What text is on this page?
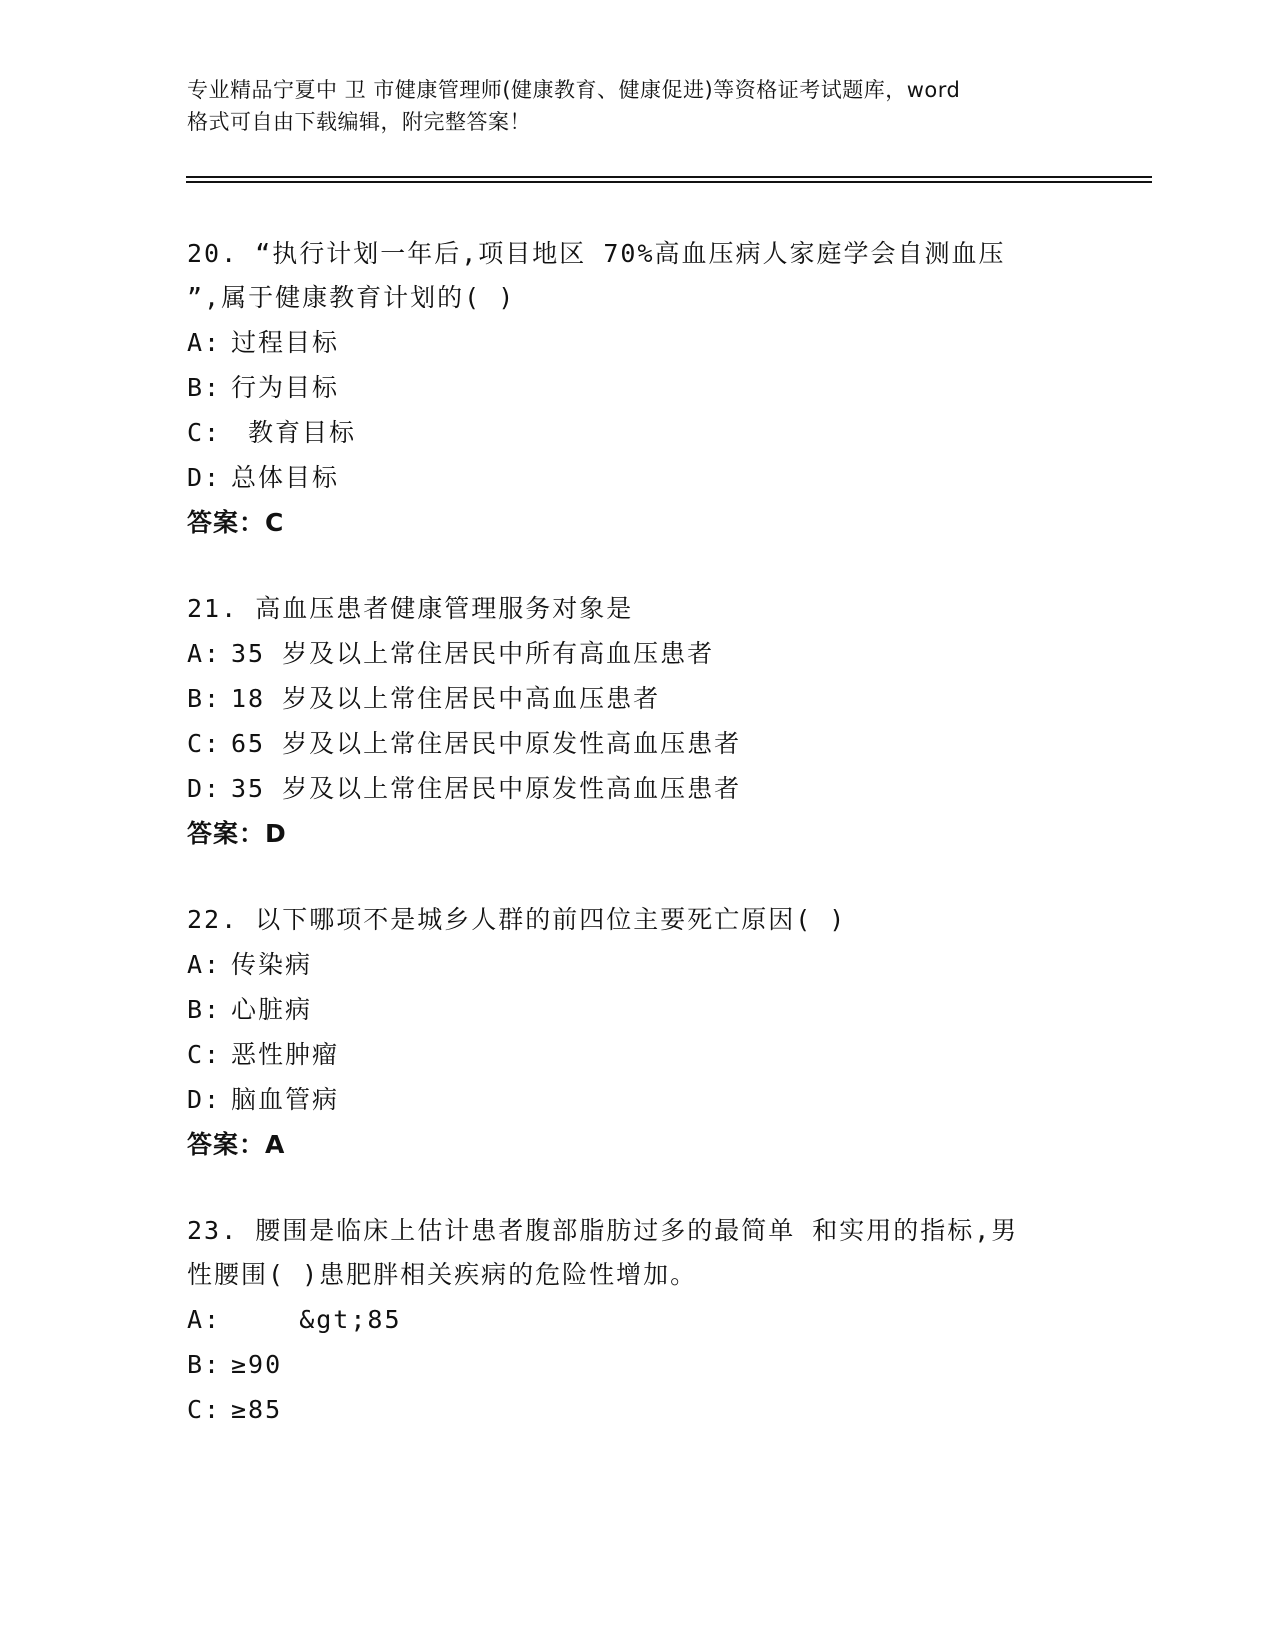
专业精品宁夏中 卫 市健康管理师(健康教育、健康促进)等资格证考试题库，word
格式可自由下载编辑，附完整答案！
20. “执行计划一年后,项目地区 70%高血压病人家庭学会自测血压
”,属于健康教育计划的( )
A: 过程目标
B: 行为目标
C: 教育目标
D: 总体目标
答案：C
21. 高血压患者健康管理服务对象是
A: 35 岁及以上常住居民中所有高血压患者
B: 18 岁及以上常住居民中高血压患者
C: 65 岁及以上常住居民中原发性高血压患者
D: 35 岁及以上常住居民中原发性高血压患者
答案：D
22. 以下哪项不是城乡人群的前四位主要死亡原因( )
A: 传染病
B: 心脏病
C: 恶性肿瘤
D: 脑血管病
答案：A
23. 腰围是临床上估计患者腹部脂肪过多的最简单 和实用的指标,男
性腰围( )患肥胖相关疾病的危险性增加。
A: &gt;85
B: ≥90
C: ≥85
